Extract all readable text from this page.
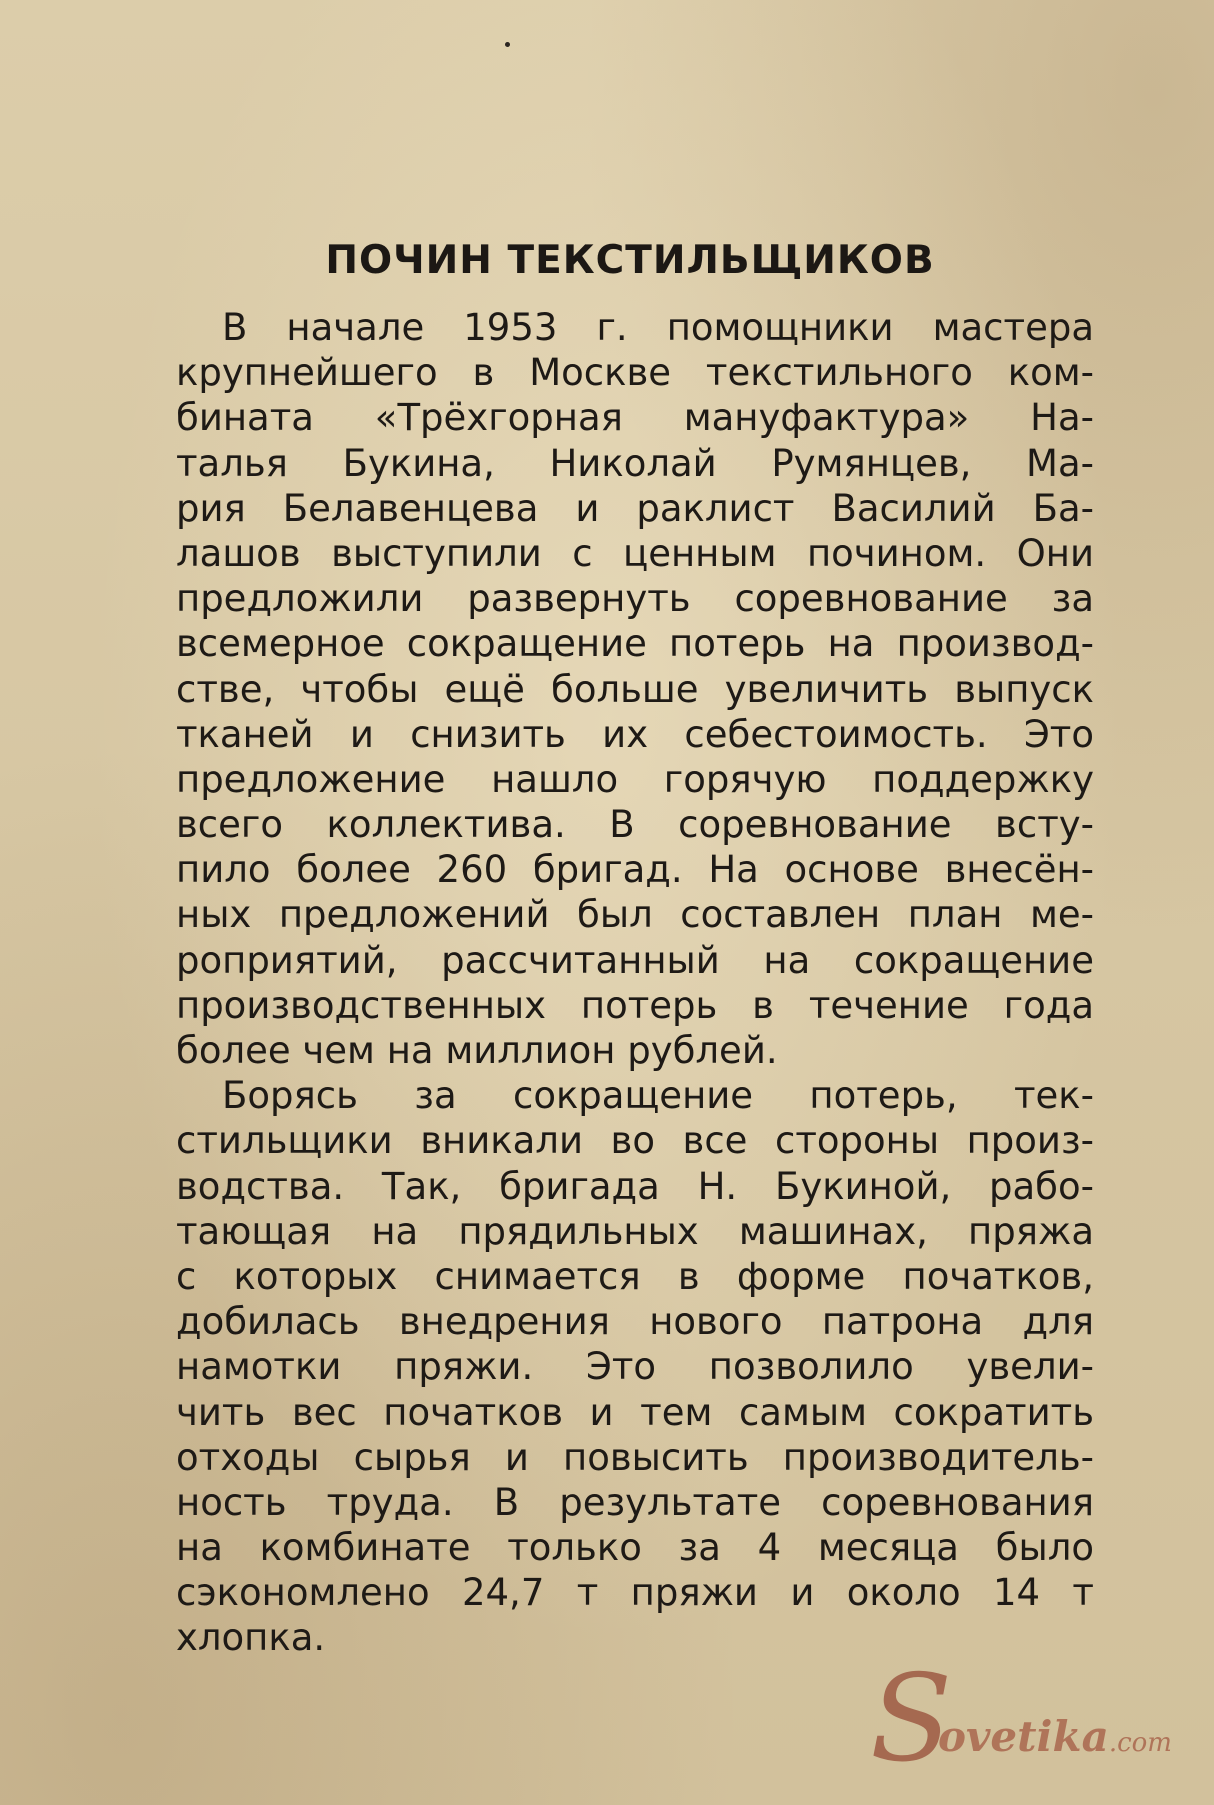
ПОЧИН ТЕКСТИЛЬЩИКОВ
В начале 1953 г. помощники мастера
крупнейшего в Москве текстильного ком-
бината «Трёхгорная мануфактура» На-
талья Букина, Николай Румянцев, Ма-
рия Белавенцева и раклист Василий Ба-
лашов выступили с ценным почином. Они
предложили развернуть соревнование за
всемерное сокращение потерь на производ-
стве, чтобы ещё больше увеличить выпуск
тканей и снизить их себестоимость. Это
предложение нашло горячую поддержку
всего коллектива. В соревнование всту-
пило более 260 бригад. На основе внесён-
ных предложений был составлен план ме-
роприятий, рассчитанный на сокращение
производственных потерь в течение года
более чем на миллион рублей.
Борясь за сокращение потерь, тек-
стильщики вникали во все стороны произ-
водства. Так, бригада Н. Букиной, рабо-
тающая на прядильных машинах, пряжа
с которых снимается в форме початков,
добилась внедрения нового патрона для
намотки пряжи. Это позволило увели-
чить вес початков и тем самым сократить
отходы сырья и повысить производитель-
ность труда. В результате соревнования
на комбинате только за 4 месяца было
сэкономлено 24,7 т пряжи и около 14 т
хлопка.
S
ovetika.com
